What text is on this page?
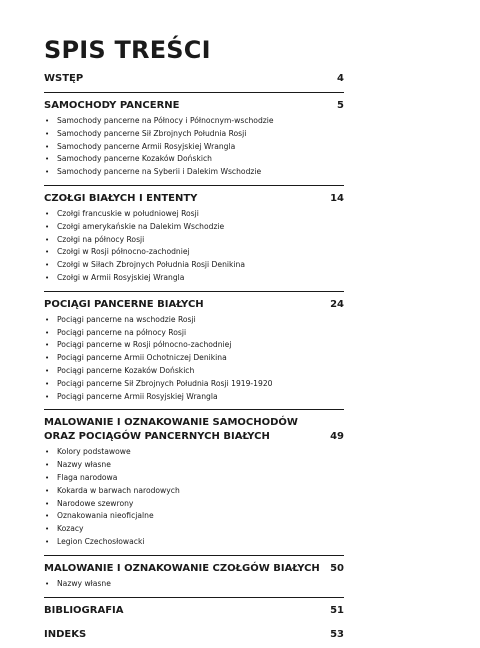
SPIS TREŚCI
WSTĘP	4
SAMOCHODY PANCERNE	5
• Samochody pancerne na Północy i Północnym-wschodzie
• Samochody pancerne Sił Zbrojnych Południa Rosji
• Samochody pancerne Armii Rosyjskiej Wrangla
• Samochody pancerne Kozaków Dońskich
• Samochody pancerne na Syberii i Dalekim Wschodzie
CZOŁGI BIAŁYCH I ENTENTY	14
• Czołgi francuskie w południowej Rosji
• Czołgi amerykańskie na Dalekim Wschodzie
• Czołgi na północy Rosji
• Czołgi w Rosji północno-zachodniej
• Czołgi w Siłach Zbrojnych Południa Rosji Denikina
• Czołgi w Armii Rosyjskiej Wrangla
POCIĄGI PANCERNE BIAŁYCH	24
• Pociągi pancerne na wschodzie Rosji
• Pociągi pancerne na północy Rosji
• Pociągi pancerne w Rosji północno-zachodniej
• Pociągi pancerne Armii Ochotniczej Denikina
• Pociągi pancerne Kozaków Dońskich
• Pociągi pancerne Sił Zbrojnych Południa Rosji 1919-1920
• Pociągi pancerne Armii Rosyjskiej Wrangla
MALOWANIE I OZNAKOWANIE SAMOCHODÓW
ORAZ POCIĄGÓW PANCERNYCH BIAŁYCH	49
• Kolory podstawowe
• Nazwy własne
• Flaga narodowa
• Kokarda w barwach narodowych
• Narodowe szewrony
• Oznakowania nieoficjalne
• Kozacy
• Legion Czechosłowacki
MALOWANIE I OZNAKOWANIE CZOŁGÓW BIAŁYCH	50
• Nazwy własne
BIBLIOGRAFIA	51
INDEKS	53
